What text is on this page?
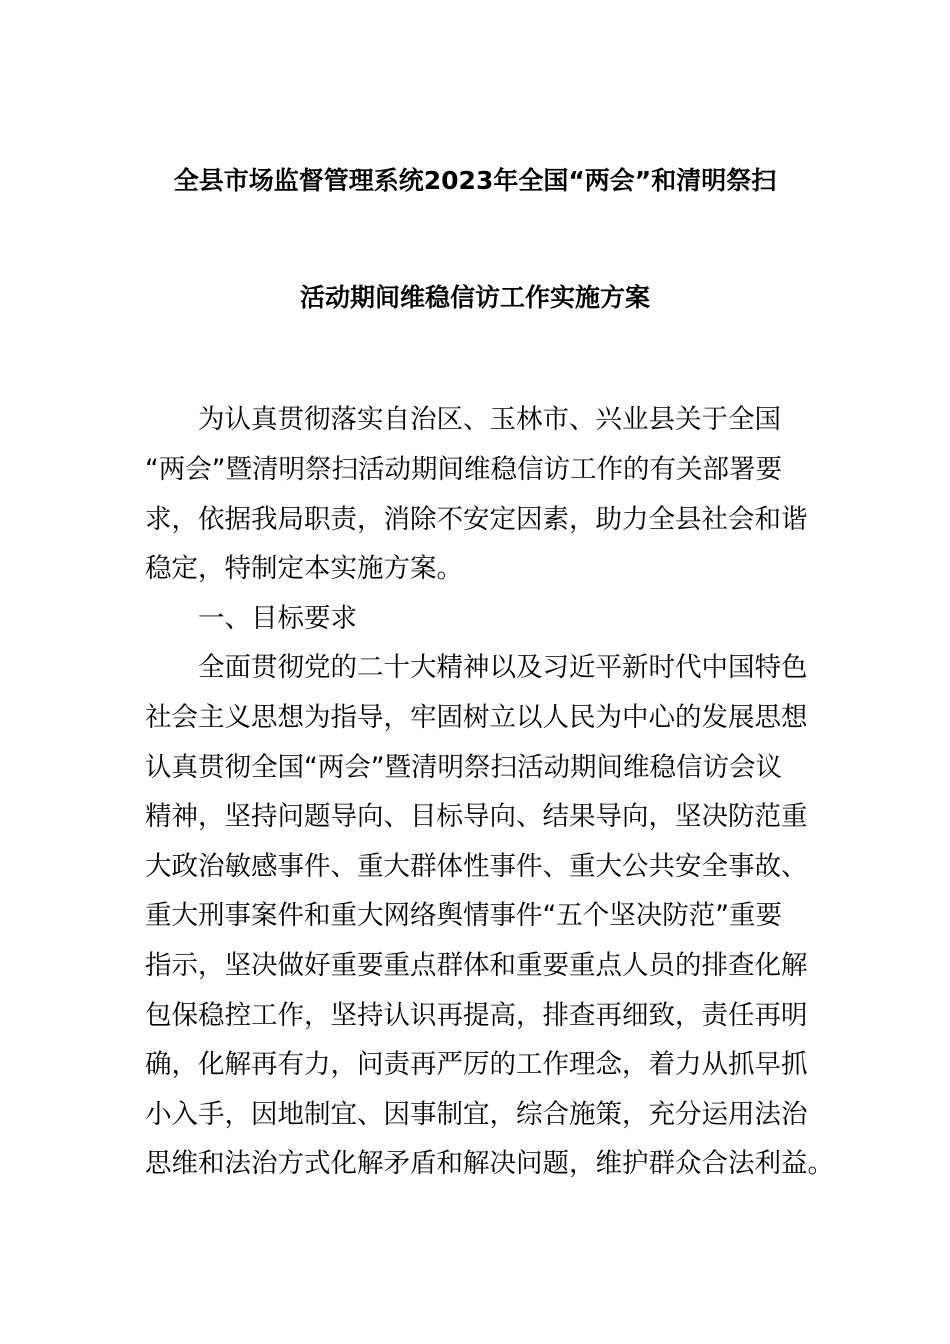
全县市场监督管理系统2023年全国“两会”和清明祭扫
活动期间维稳信访工作实施方案
　　为认真贯彻落实自治区、玉林市、兴业县关于全国
“两会”暨清明祭扫活动期间维稳信访工作的有关部署要
求，依据我局职责，消除不安定因素，助力全县社会和谐
稳定，特制定本实施方案。
　　一、目标要求
　　全面贯彻党的二十大精神以及习近平新时代中国特色
社会主义思想为指导，牢固树立以人民为中心的发展思想
认真贯彻全国“两会”暨清明祭扫活动期间维稳信访会议
精神，坚持问题导向、目标导向、结果导向，坚决防范重
大政治敏感事件、重大群体性事件、重大公共安全事故、
重大刑事案件和重大网络舆情事件“五个坚决防范”重要
指示，坚决做好重要重点群体和重要重点人员的排查化解
包保稳控工作，坚持认识再提高，排查再细致，责任再明
确，化解再有力，问责再严厉的工作理念，着力从抓早抓
小入手，因地制宜、因事制宜，综合施策，充分运用法治
思维和法治方式化解矛盾和解决问题，维护群众合法利益。
